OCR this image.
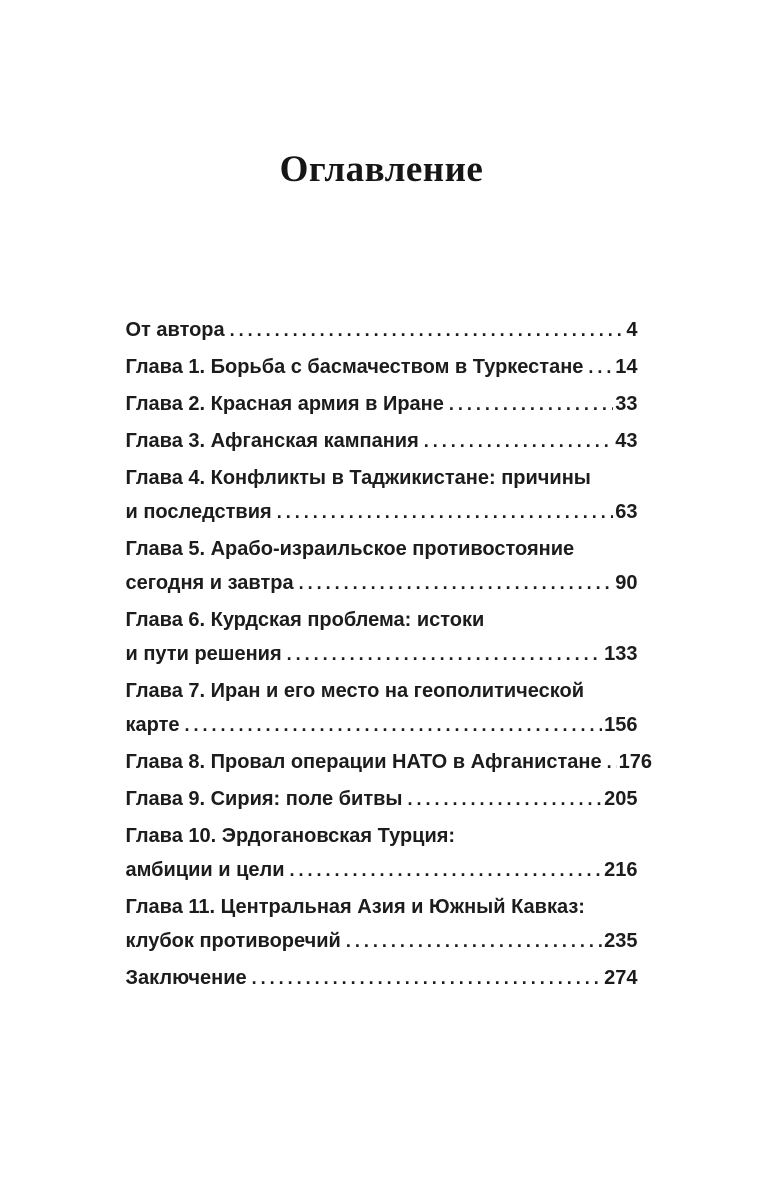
Оглавление
От автора .....	4
Глава 1. Борьба с басмачеством в Туркестане ..... 14
Глава 2. Красная армия в Иране .....	33
Глава 3. Афганская кампания .....	43
Глава 4. Конфликты в Таджикистане: причины
и последствия .....	63
Глава 5. Арабо-израильское противостояние
сегодня и завтра .....	90
Глава 6. Курдская проблема: истоки
и пути решения .....	133
Глава 7. Иран и его место на геополитической
карте .....	156
Глава 8. Провал операции НАТО в Афганистане ..... 176
Глава 9. Сирия: поле битвы .....	205
Глава 10. Эрдогановская Турция:
амбиции и цели .....	216
Глава 11. Центральная Азия и Южный Кавказ:
клубок противоречий .....	235
Заключение .....	274
